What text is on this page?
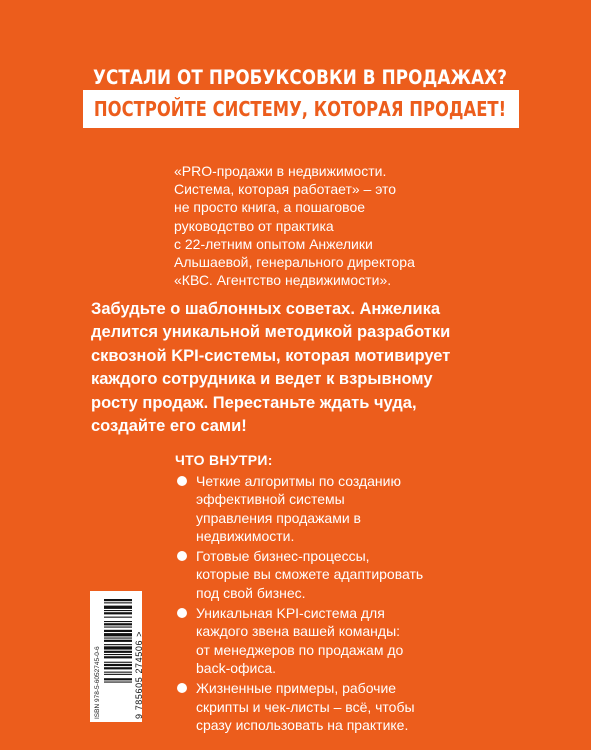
УСТАЛИ ОТ ПРОБУКСОВКИ В ПРОДАЖАХ?
ПОСТРОЙТЕ СИСТЕМУ, КОТОРАЯ ПРОДАЕТ!

«PRO-продажи в недвижимости.

Система, которая работает» – это

не просто книга, а пошаговое

руководство от практика

с 22-летним опытом Анжелики

Альшаевой, генерального директора

«КВС. Агентство недвижимости».

Забудьте о шаблонных советах. Анжелика

делится уникальной методикой разработки

сквозной KPI-системы, которая мотивирует

каждого сотрудника и ведет к взрывному

росту продаж. Перестаньте ждать чуда,

создайте его сами!

ЧТО ВНУТРИ:
Четкие алгоритмы по созданию
эффективной системы
управления продажами в
недвижимости.
Готовые бизнес-процессы,
которые вы сможете адаптировать
под свой бизнес.
Уникальная KPI-система для
каждого звена вашей команды:
от менеджеров по продажам до
back-офиса.
Жизненные примеры, рабочие
скрипты и чек-листы – всё, чтобы
сразу использовать на практике.
ISBN 978-5-6052745-0-6	9 785605 274506 >
